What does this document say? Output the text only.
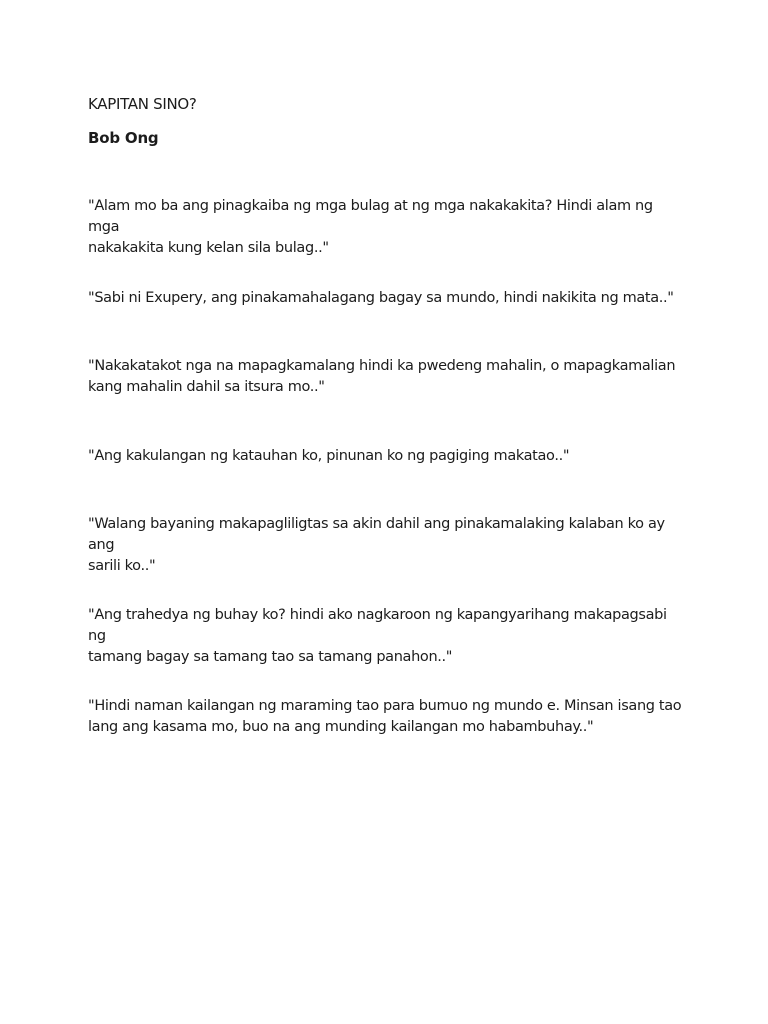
KAPITAN SINO?

Bob Ong

"Alam mo ba ang pinagkaiba ng mga bulag at ng mga nakakakita? Hindi alam ng mga
nakakakita kung kelan sila bulag.."

"Sabi ni Exupery, ang pinakamahalagang bagay sa mundo, hindi nakikita ng mata.."

"Nakakatakot nga na mapagkamalang hindi ka pwedeng mahalin, o mapagkamalian
kang mahalin dahil sa itsura mo.."

"Ang kakulangan ng katauhan ko, pinunan ko ng pagiging makatao.."

"Walang bayaning makapagliligtas sa akin dahil ang pinakamalaking kalaban ko ay ang
sarili ko.."

"Ang trahedya ng buhay ko? hindi ako nagkaroon ng kapangyarihang makapagsabi ng
tamang bagay sa tamang tao sa tamang panahon.."

"Hindi naman kailangan ng maraming tao para bumuo ng mundo e. Minsan isang tao
lang ang kasama mo, buo na ang munding kailangan mo habambuhay.."
